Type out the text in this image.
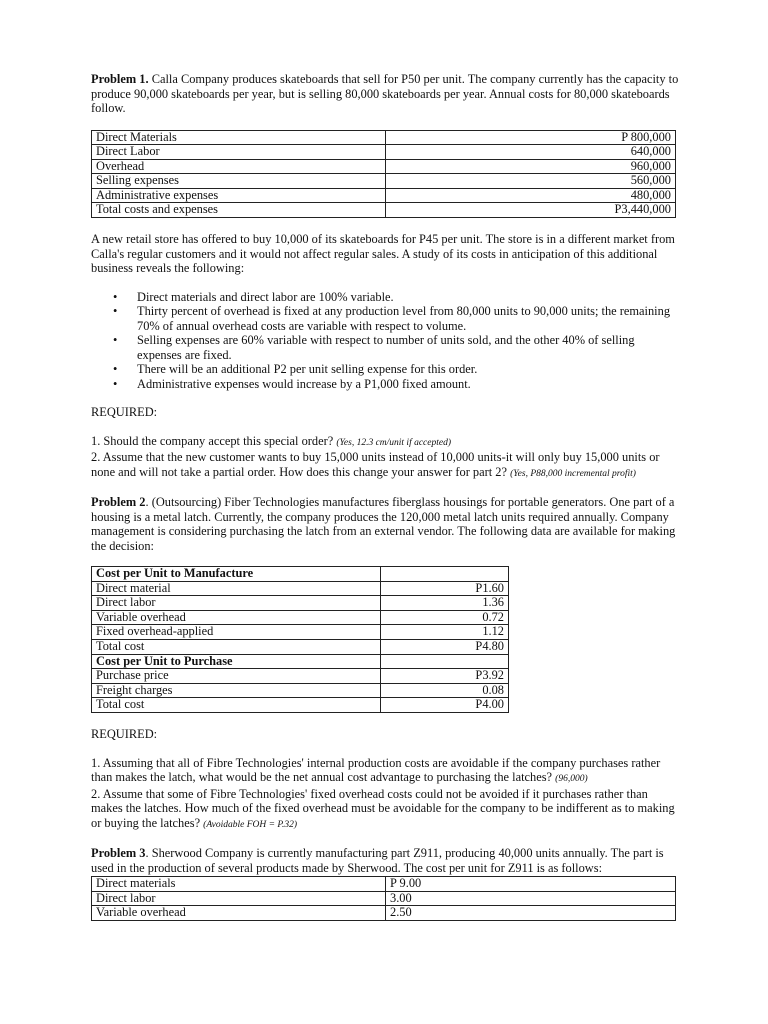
Problem 1. Calla Company produces skateboards that sell for P50 per unit. The company currently has the capacity to produce 90,000 skateboards per year, but is selling 80,000 skateboards per year. Annual costs for 80,000 skateboards follow.

Direct Materials	P 800,000
Direct Labor	640,000
Overhead	960,000
Selling expenses	560,000
Administrative expenses	480,000
Total costs and expenses	P3,440,000

A new retail store has offered to buy 10,000 of its skateboards for P45 per unit. The store is in a different market from Calla's regular customers and it would not affect regular sales. A study of its costs in anticipation of this additional business reveals the following:

• Direct materials and direct labor are 100% variable.
• Thirty percent of overhead is fixed at any production level from 80,000 units to 90,000 units; the remaining 70% of annual overhead costs are variable with respect to volume.
• Selling expenses are 60% variable with respect to number of units sold, and the other 40% of selling expenses are fixed.
• There will be an additional P2 per unit selling expense for this order.
• Administrative expenses would increase by a P1,000 fixed amount.

REQUIRED:

1. Should the company accept this special order? (Yes, 12.3 cm/unit if accepted)

2. Assume that the new customer wants to buy 15,000 units instead of 10,000 units-it will only buy 15,000 units or none and will not take a partial order. How does this change your answer for part 2? (Yes, P88,000 incremental profit)

Problem 2. (Outsourcing) Fiber Technologies manufactures fiberglass housings for portable generators. One part of a housing is a metal latch. Currently, the company produces the 120,000 metal latch units required annually. Company management is considering purchasing the latch from an external vendor. The following data are available for making the decision:

Cost per Unit to Manufacture	
Direct material	P1.60
Direct labor	1.36
Variable overhead	0.72
Fixed overhead-applied	1.12
Total cost	P4.80
Cost per Unit to Purchase	
Purchase price	P3.92
Freight charges	0.08
Total cost	P4.00

REQUIRED:

1. Assuming that all of Fibre Technologies' internal production costs are avoidable if the company purchases rather than makes the latch, what would be the net annual cost advantage to purchasing the latches? (96,000)

2. Assume that some of Fibre Technologies' fixed overhead costs could not be avoided if it purchases rather than makes the latches. How much of the fixed overhead must be avoidable for the company to be indifferent as to making or buying the latches? (Avoidable FOH = P.32)

Problem 3. Sherwood Company is currently manufacturing part Z911, producing 40,000 units annually. The part is used in the production of several products made by Sherwood. The cost per unit for Z911 is as follows:

Direct materials	P 9.00
Direct labor	3.00
Variable overhead	2.50
